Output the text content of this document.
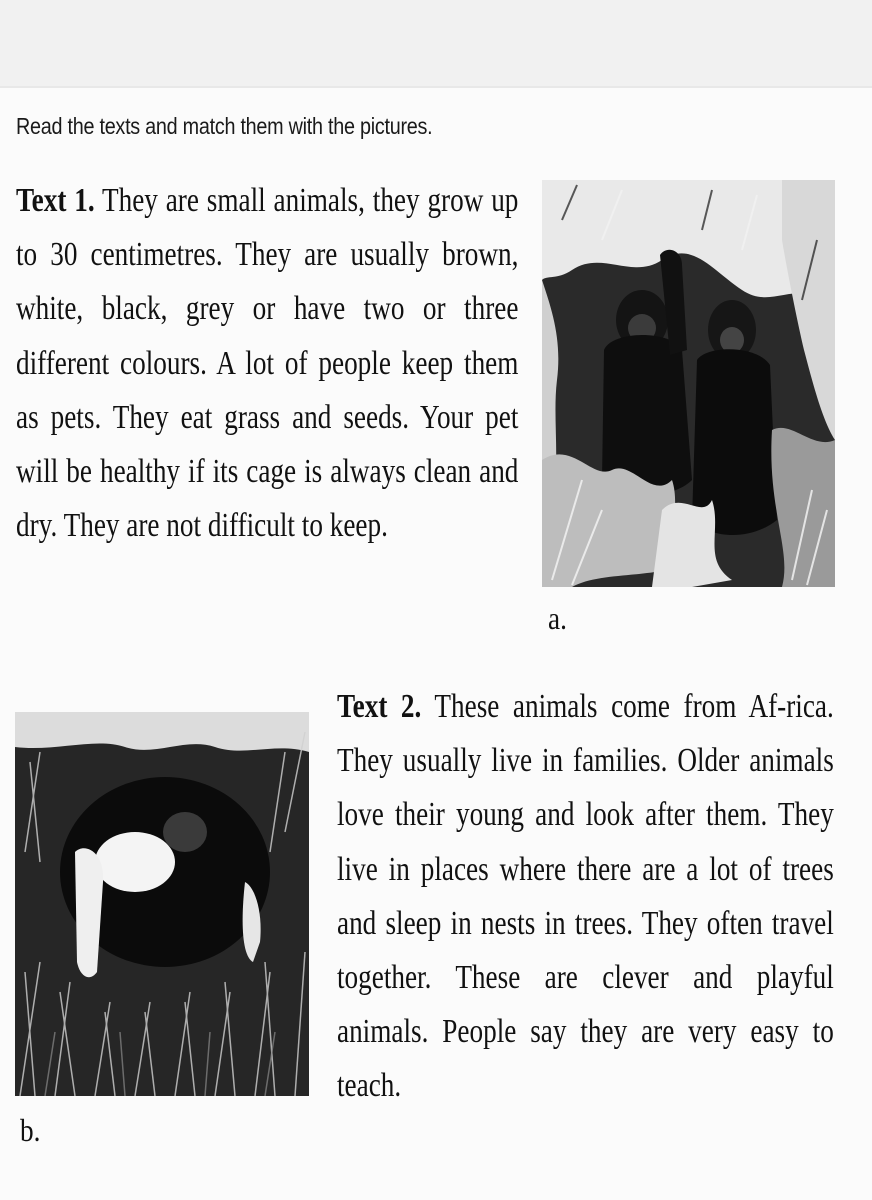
Read the texts and match them with the pictures.
Text 1. They are small animals, they grow up to 30 centimetres. They are usually brown, white, black, grey or have two or three different colours. A lot of people keep them as pets. They eat grass and seeds. Your pet will be healthy if its cage is always clean and dry. They are not difficult to keep.
a.
b.
Text 2. These animals come from Af-rica. They usually live in families. Older animals love their young and look after them. They live in places where there are a lot of trees and sleep in nests in trees. They often travel together. These are clever and playful animals. People say they are very easy to teach.
